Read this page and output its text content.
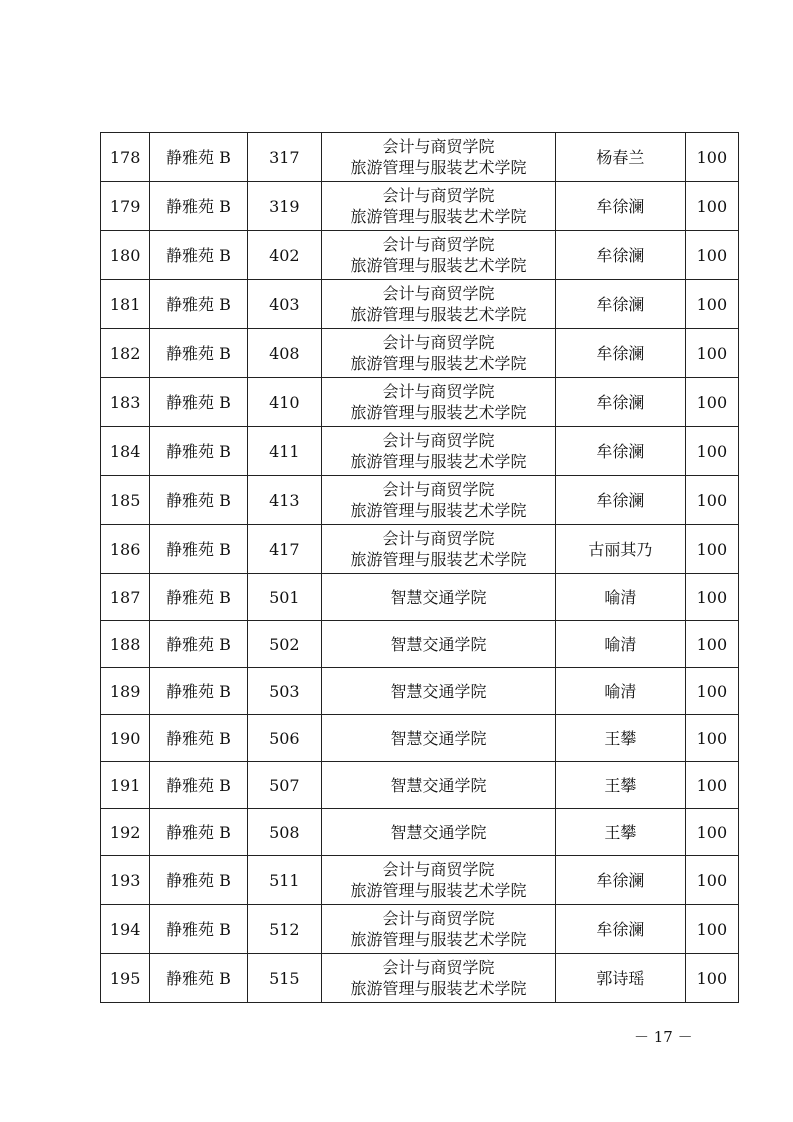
178	静雅苑 B	317	会计与商贸学院
旅游管理与服装艺术学院	杨春兰	100
179	静雅苑 B	319	会计与商贸学院
旅游管理与服装艺术学院	牟徐澜	100
180	静雅苑 B	402	会计与商贸学院
旅游管理与服装艺术学院	牟徐澜	100
181	静雅苑 B	403	会计与商贸学院
旅游管理与服装艺术学院	牟徐澜	100
182	静雅苑 B	408	会计与商贸学院
旅游管理与服装艺术学院	牟徐澜	100
183	静雅苑 B	410	会计与商贸学院
旅游管理与服装艺术学院	牟徐澜	100
184	静雅苑 B	411	会计与商贸学院
旅游管理与服装艺术学院	牟徐澜	100
185	静雅苑 B	413	会计与商贸学院
旅游管理与服装艺术学院	牟徐澜	100
186	静雅苑 B	417	会计与商贸学院
旅游管理与服装艺术学院	古丽其乃	100
187	静雅苑 B	501	智慧交通学院	喻清	100
188	静雅苑 B	502	智慧交通学院	喻清	100
189	静雅苑 B	503	智慧交通学院	喻清	100
190	静雅苑 B	506	智慧交通学院	王攀	100
191	静雅苑 B	507	智慧交通学院	王攀	100
192	静雅苑 B	508	智慧交通学院	王攀	100
193	静雅苑 B	511	会计与商贸学院
旅游管理与服装艺术学院	牟徐澜	100
194	静雅苑 B	512	会计与商贸学院
旅游管理与服装艺术学院	牟徐澜	100
195	静雅苑 B	515	会计与商贸学院
旅游管理与服装艺术学院	郭诗瑶	100
－ 17 －
